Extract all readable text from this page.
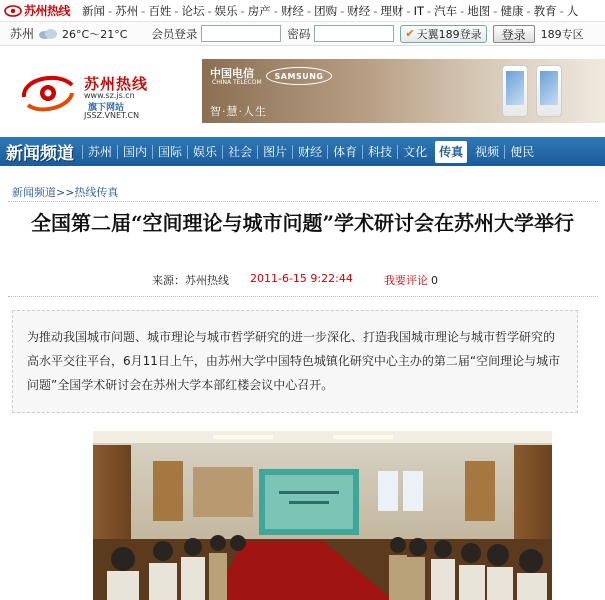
苏州热线 新闻 - 苏州 - 百姓 - 论坛 - 娱乐 - 房产 - 财经 - 团购 - 财经 - 理财 - IT - 汽车 - 地图 - 健康 - 教育 - 人
苏州	26°C～21°C 会员登录	密码	✔ 天翼189登录	登录	189专区
苏州热线
www.sz.js.cn
旗下网站
JSSZ.VNET.CN
中国电信
CHINA TELECOM
SAMSUNG
智·慧·人生
新闻频道	苏州 国内 国际 娱乐 社会 图片 财经 体育 科技 文化	传真	视频 便民
新闻频道>>热线传真
全国第二届“空间理论与城市问题”学术研讨会在苏州大学举行
来源：苏州热线 2011-6-15 9:22:44	我要评论 0
为推动我国城市问题、城市理论与城市哲学研究的进一步深化、打造我国城市理论与城市哲学研究的高水平交往平台，6月11日上午，由苏州大学中国特色城镇化研究中心主办的第二届“空间理论与城市问题”全国学术研讨会在苏州大学本部红楼会议中心召开。
